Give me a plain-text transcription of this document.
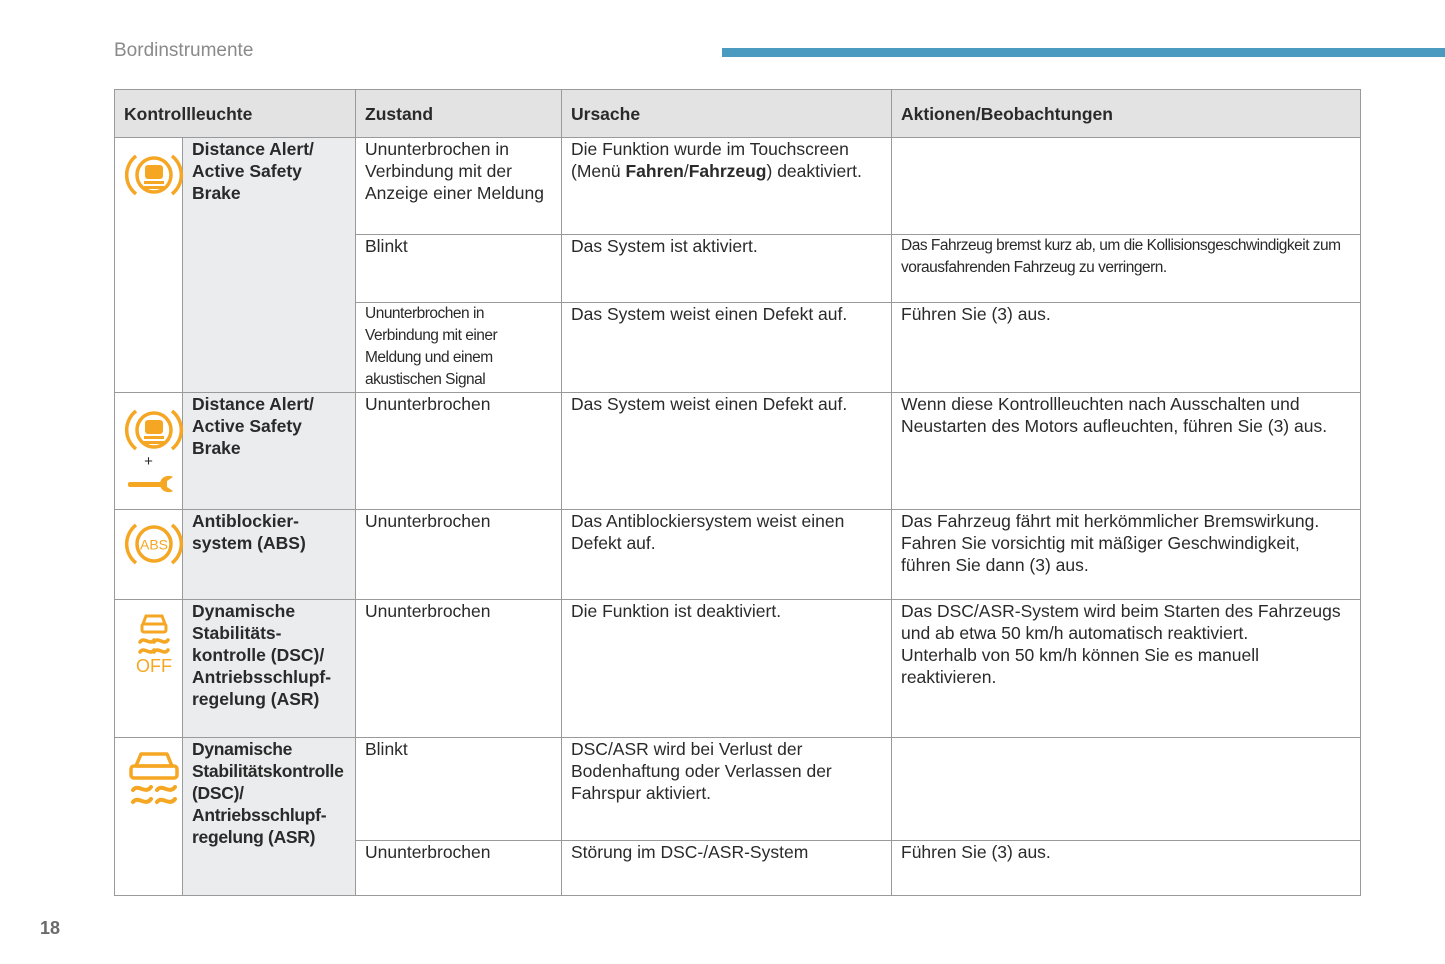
Bordinstrumente
Kontrollleuchte		Zustand	Ursache	Aktionen/Beobachtungen

	Distance Alert/ Active Safety Brake	Ununterbrochen in Verbindung mit der Anzeige einer Meldung	Die Funktion wurde im Touchscreen (Menü Fahren/Fahrzeug) deaktiviert.	
		Blinkt	Das System ist aktiviert.	Das Fahrzeug bremst kurz ab, um die Kollisionsgeschwindigkeit zum vorausfahrenden Fahrzeug zu verringern.
		Ununterbrochen in Verbindung mit einer Meldung und einem akustischen Signal	Das System weist einen Defekt auf.	Führen Sie (3) aus.

+	Distance Alert/ Active Safety Brake	Ununterbrochen	Das System weist einen Defekt auf.	Wenn diese Kontrollleuchten nach Ausschalten und Neustarten des Motors aufleuchten, führen Sie (3) aus.

ABS	Antiblockier- system (ABS)	Ununterbrochen	Das Antiblockiersystem weist einen Defekt auf.	Das Fahrzeug fährt mit herkömmlicher Bremswirkung. Fahren Sie vorsichtig mit mäßiger Geschwindigkeit, führen Sie dann (3) aus.

OFF	Dynamische Stabilitäts- kontrolle (DSC)/ Antriebsschlupf- regelung (ASR)	Ununterbrochen	Die Funktion ist deaktiviert.	Das DSC/ASR-System wird beim Starten des Fahrzeugs und ab etwa 50 km/h automatisch reaktiviert.
Unterhalb von 50 km/h können Sie es manuell reaktivieren.

	Dynamische Stabilitätskontrolle (DSC)/ Antriebsschlupf- regelung (ASR)	Blinkt	DSC/ASR wird bei Verlust der Bodenhaftung oder Verlassen der Fahrspur aktiviert.	
		Ununterbrochen	Störung im DSC-/ASR-System	Führen Sie (3) aus.
18
